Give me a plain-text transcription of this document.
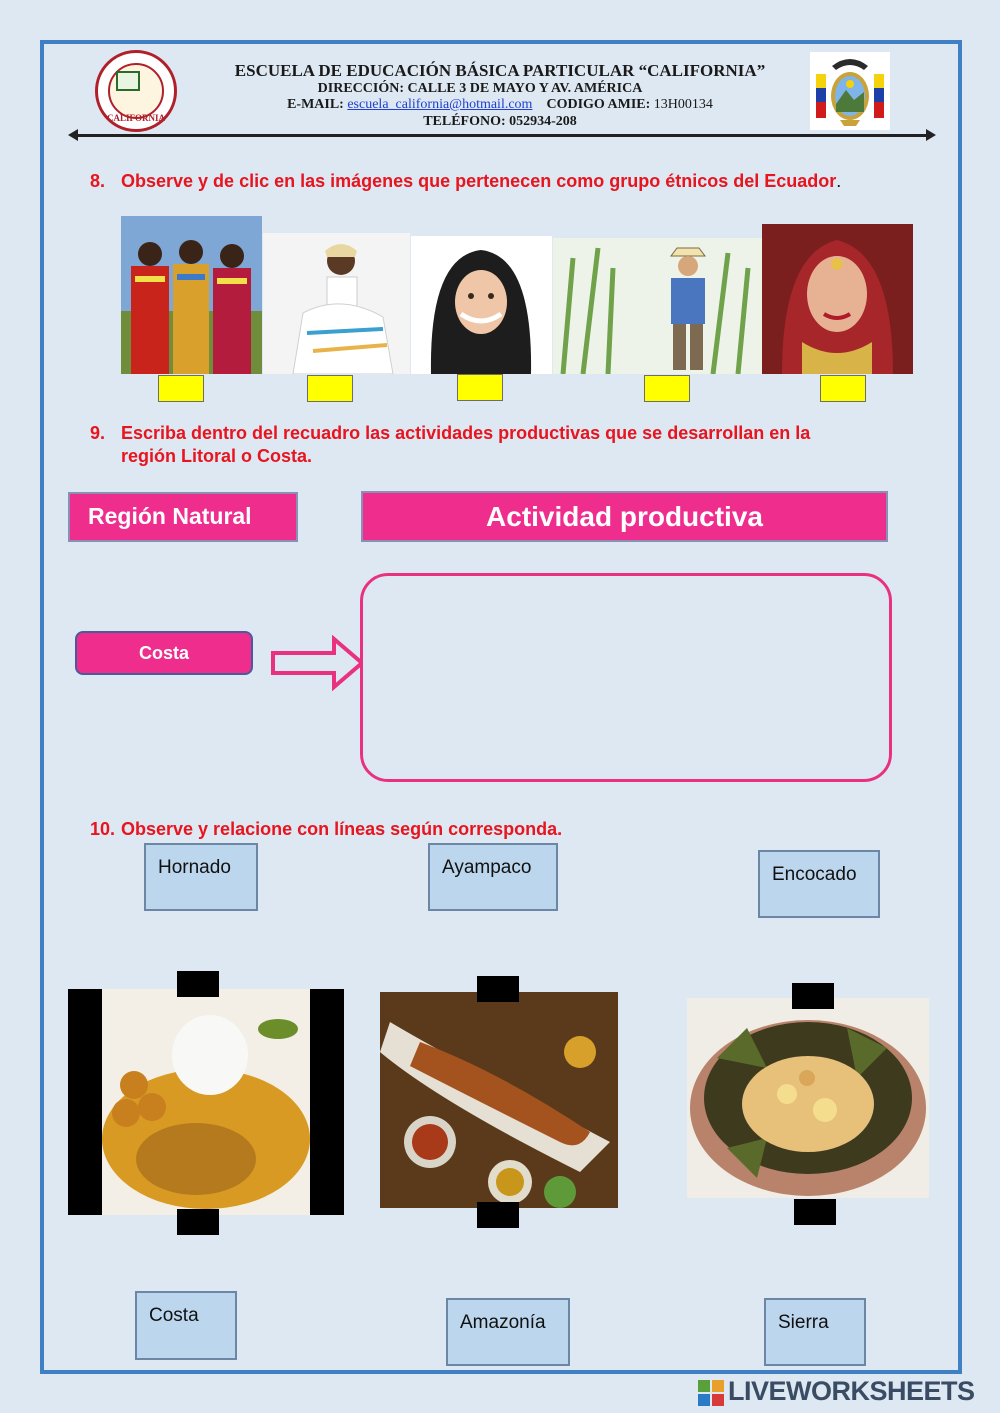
CALIFORNIA
ESCUELA DE EDUCACIÓN BÁSICA PARTICULAR “CALIFORNIA”
DIRECCIÓN: CALLE 3 DE MAYO Y AV. AMÉRICA
E-MAIL: escuela_california@hotmail.com CODIGO AMIE: 13H00134
TELÉFONO: 052934-208
8. Observe y de clic en las imágenes que pertenecen como grupo étnicos del Ecuador.
9. Escriba dentro del recuadro las actividades productivas que se desarrollan en la
región Litoral o Costa.
Región Natural	Actividad productiva
Costa
10. Observe y relacione con líneas según corresponda.
Hornado	Ayampaco	Encocado
Costa	Amazonía	Sierra
LIVEWORKSHEETS
